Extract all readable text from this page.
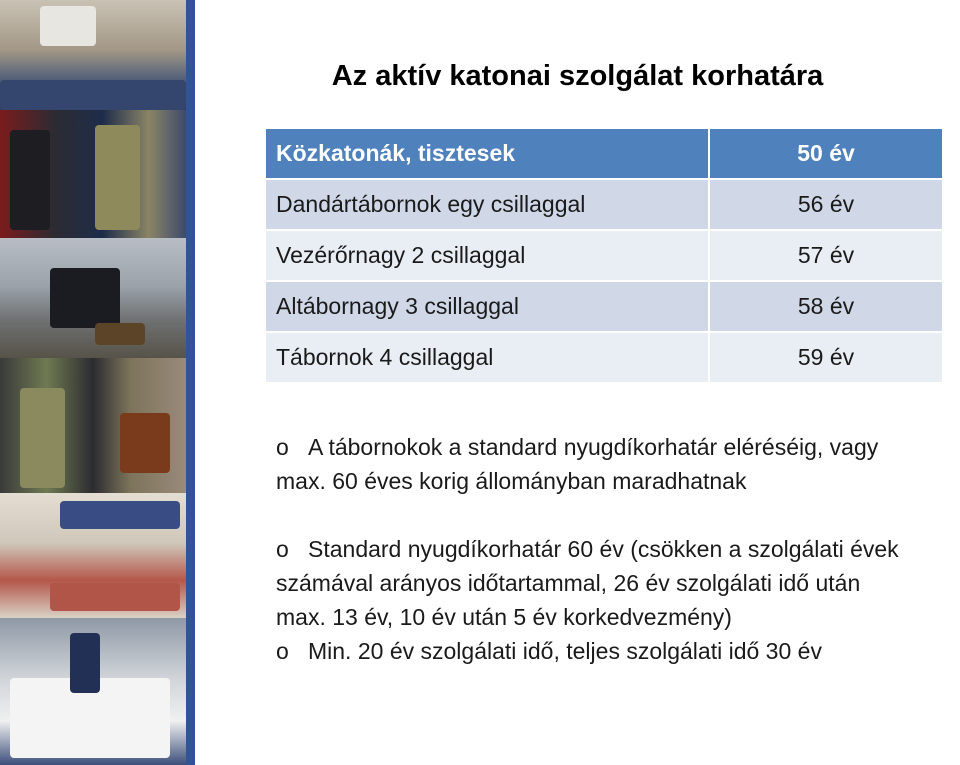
Az aktív katonai szolgálat korhatára
Közkatonák, tisztesek	50 év
Dandártábornok egy csillaggal	56 év
Vezérőrnagy 2 csillaggal	57 év
Altábornagy 3 csillaggal	58 év
Tábornok 4 csillaggal	59 év

o A tábornokok a standard nyugdíkorhatár eléréséig, vagy

max. 60 éves korig állományban maradhatnak

o Standard nyugdíkorhatár 60 év (csökken a szolgálati évek

számával arányos időtartammal, 26 év szolgálati idő után

max. 13 év, 10 év után 5 év korkedvezmény)

o Min. 20 év szolgálati idő, teljes szolgálati idő 30 év
